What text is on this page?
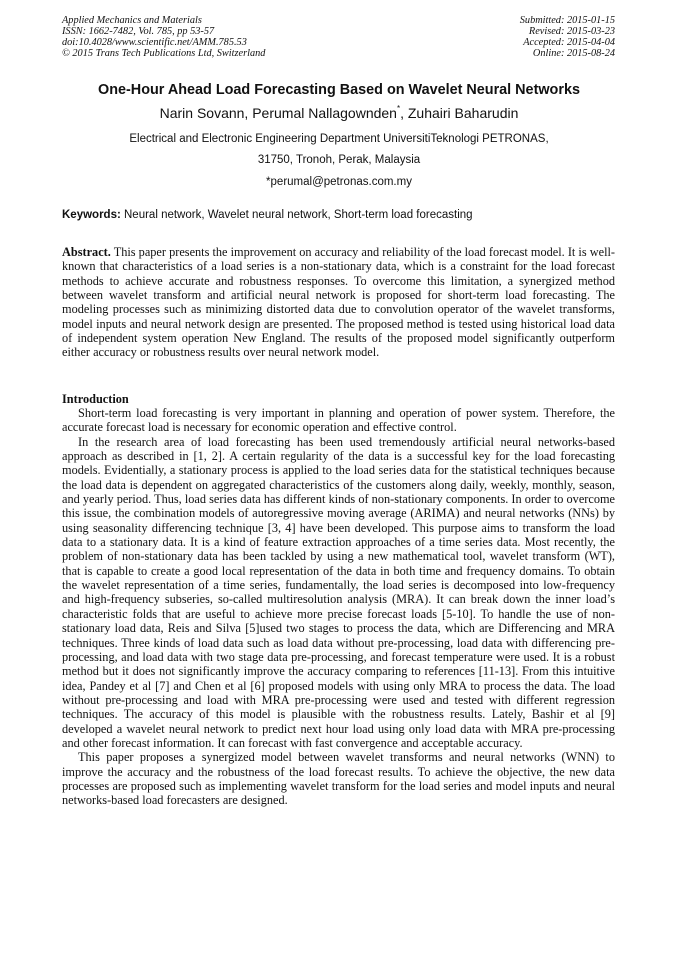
Applied Mechanics and Materials
ISSN: 1662-7482, Vol. 785, pp 53-57
doi:10.4028/www.scientific.net/AMM.785.53
© 2015 Trans Tech Publications Ltd, Switzerland
Submitted: 2015-01-15
Revised: 2015-03-23
Accepted: 2015-04-04
Online: 2015-08-24
One-Hour Ahead Load Forecasting Based on Wavelet Neural Networks
Narin Sovann, Perumal Nallagownden*, Zuhairi Baharudin
Electrical and Electronic Engineering Department UniversitiTeknologi PETRONAS,
31750, Tronoh, Perak, Malaysia
*perumal@petronas.com.my
Keywords: Neural network, Wavelet neural network, Short-term load forecasting

Abstract. This paper presents the improvement on accuracy and reliability of the load forecast model. It is well-known that characteristics of a load series is a non-stationary data, which is a constraint for the load forecast methods to achieve accurate and robustness responses. To overcome this limitation, a synergized method between wavelet transform and artificial neural network is proposed for short-term load forecasting. The modeling processes such as minimizing distorted data due to convolution operator of the wavelet transforms, model inputs and neural network design are presented. The proposed method is tested using historical load data of independent system operation New England. The results of the proposed model significantly outperform either accuracy or robustness results over neural network model.

Introduction

Short-term load forecasting is very important in planning and operation of power system. Therefore, the accurate forecast load is necessary for economic operation and effective control.

In the research area of load forecasting has been used tremendously artificial neural networks-based approach as described in [1, 2]. A certain regularity of the data is a successful key for the load forecasting models. Evidentially, a stationary process is applied to the load series data for the statistical techniques because the load data is dependent on aggregated characteristics of the customers along daily, weekly, monthly, season, and yearly period. Thus, load series data has different kinds of non-stationary components. In order to overcome this issue, the combination models of autoregressive moving average (ARIMA) and neural networks (NNs) by using seasonality differencing technique [3, 4] have been developed. This purpose aims to transform the load data to a stationary data. It is a kind of feature extraction approaches of a time series data. Most recently, the problem of non-stationary data has been tackled by using a new mathematical tool, wavelet transform (WT), that is capable to create a good local representation of the data in both time and frequency domains. To obtain the wavelet representation of a time series, fundamentally, the load series is decomposed into low-frequency and high-frequency subseries, so-called multiresolution analysis (MRA). It can break down the inner load’s characteristic folds that are useful to achieve more precise forecast loads [5-10]. To handle the use of non-stationary load data, Reis and Silva [5]used two stages to process the data, which are Differencing and MRA techniques. Three kinds of load data such as load data without pre-processing, load data with differencing pre-processing, and load data with two stage data pre-processing, and forecast temperature were used. It is a robust method but it does not significantly improve the accuracy comparing to references [11-13]. From this intuitive idea, Pandey et al [7] and Chen et al [6] proposed models with using only MRA to process the data. The load without pre-processing and load with MRA pre-processing were used and tested with different regression techniques. The accuracy of this model is plausible with the robustness results. Lately, Bashir et al [9] developed a wavelet neural network to predict next hour load using only load data with MRA pre-processing and other forecast information. It can forecast with fast convergence and acceptable accuracy.

This paper proposes a synergized model between wavelet transforms and neural networks (WNN) to improve the accuracy and the robustness of the load forecast results. To achieve the objective, the new data processes are proposed such as implementing wavelet transform for the load series and model inputs and neural networks-based load forecasters are designed.
